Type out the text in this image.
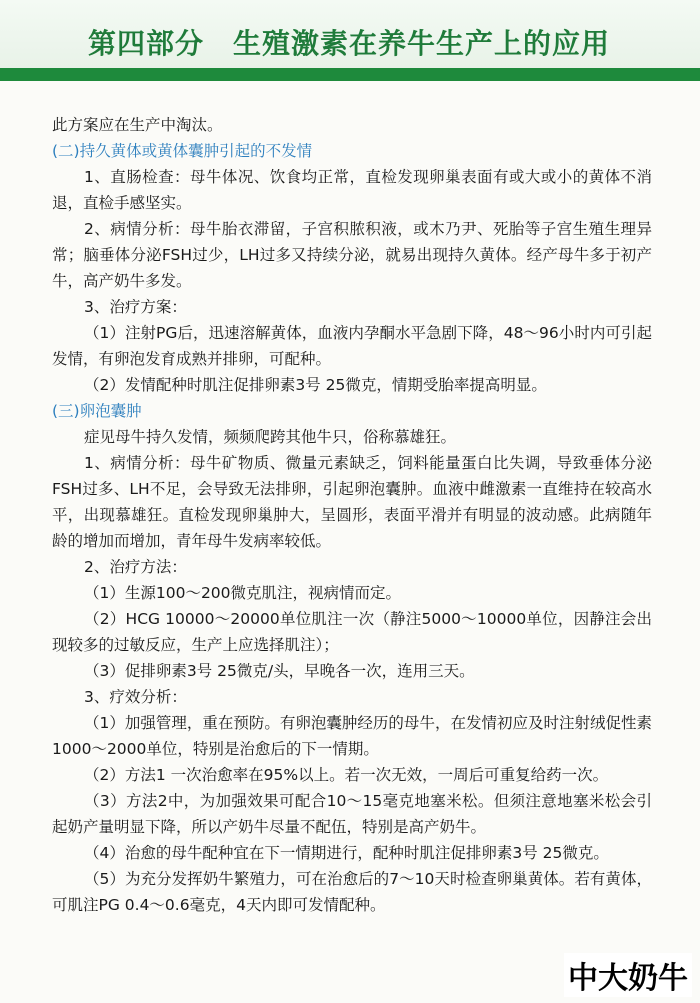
第四部分　生殖激素在养牛生产上的应用

此方案应在生产中淘汰。

(二)持久黄体或黄体囊肿引起的不发情

1、直肠检查：母牛体况、饮食均正常，直检发现卵巢表面有或大或小的黄体不消退，直检手感坚实。

2、病情分析：母牛胎衣滞留，子宫积脓积液，或木乃尹、死胎等子宫生殖生理异常；脑垂体分泌FSH过少，LH过多又持续分泌，就易出现持久黄体。经产母牛多于初产牛，高产奶牛多发。

3、治疗方案：

（1）注射PG后，迅速溶解黄体，血液内孕酮水平急剧下降，48～96小时内可引起发情，有卵泡发育成熟并排卵，可配种。

（2）发情配种时肌注促排卵素3号 25微克，情期受胎率提高明显。

(三)卵泡囊肿

症见母牛持久发情，频频爬跨其他牛只，俗称慕雄狂。

1、病情分析：母牛矿物质、微量元素缺乏，饲料能量蛋白比失调，导致垂体分泌FSH过多、LH不足，会导致无法排卵，引起卵泡囊肿。血液中雌激素一直维持在较高水平，出现慕雄狂。直检发现卵巢肿大，呈圆形，表面平滑并有明显的波动感。此病随年龄的增加而增加，青年母牛发病率较低。

2、治疗方法：

（1）生源100～200微克肌注，视病情而定。

（2）HCG 10000～20000单位肌注一次（静注5000～10000单位，因静注会出现较多的过敏反应，生产上应选择肌注）；

（3）促排卵素3号 25微克/头，早晚各一次，连用三天。

3、疗效分析：

（1）加强管理，重在预防。有卵泡囊肿经历的母牛，在发情初应及时注射绒促性素 1000～2000单位，特别是治愈后的下一情期。

（2）方法1 一次治愈率在95%以上。若一次无效，一周后可重复给药一次。

（3）方法2中，为加强效果可配合10～15毫克地塞米松。但须注意地塞米松会引起奶产量明显下降，所以产奶牛尽量不配伍，特别是高产奶牛。

（4）治愈的母牛配种宜在下一情期进行，配种时肌注促排卵素3号 25微克。

（5）为充分发挥奶牛繁殖力，可在治愈后的7～10天时检查卵巢黄体。若有黄体，可肌注PG 0.4～0.6毫克，4天内即可发情配种。

中大奶牛
